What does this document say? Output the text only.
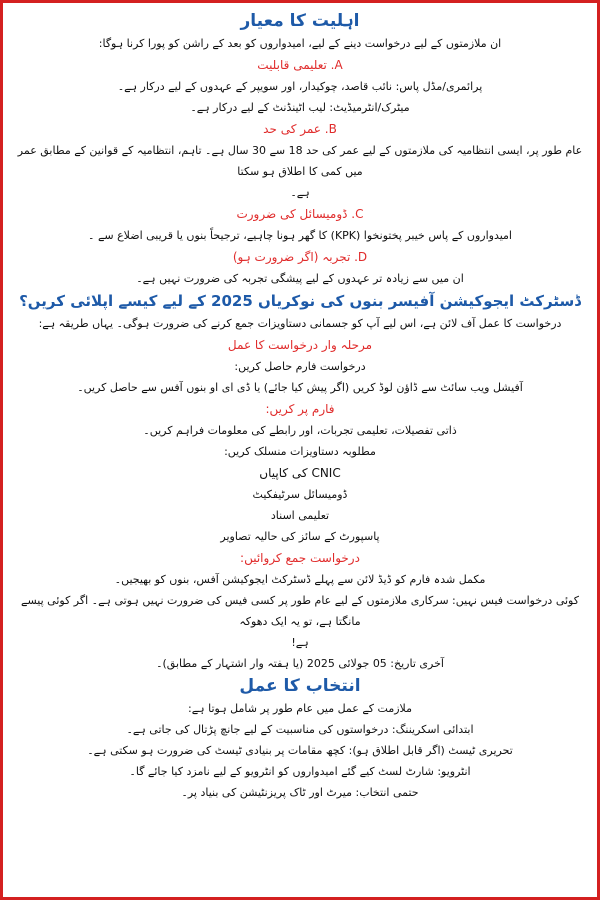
اہلیت کا معیار
ان ملازمتوں کے لیے درخواست دینے کے لیے، امیدواروں کو بعد کے راشن کو پورا کرنا ہوگا:
A. تعلیمی قابلیت
پرائمری/مڈل پاس: نائب قاصد، چوکیدار، اور سویپر کے عہدوں کے لیے درکار ہے۔
میٹرک/انٹرمیڈیٹ: لیب اٹینڈنٹ کے لیے درکار ہے۔
B. عمر کی حد
عام طور پر، ایسی انتظامیہ کی ملازمتوں کے لیے عمر کی حد 18 سے 30 سال ہے۔ تاہم، انتظامیہ کے قوانین کے مطابق عمر میں کمی کا اطلاق ہو سکتا
ہے۔
C. ڈومیسائل کی ضرورت
امیدواروں کے پاس خیبر پختونخوا (KPK) کا گھر ہونا چاہیے، ترجیحاً بنوں یا قریبی اضلاع سے ۔
D. تجربہ (اگر ضرورت ہو)
ان میں سے زیادہ تر عہدوں کے لیے پیشگی تجربہ کی ضرورت نہیں ہے۔
ڈسٹرکٹ ایجوکیشن آفیسر بنوں کی نوکریاں 2025 کے لیے کیسے اپلائی کریں؟
درخواست کا عمل آف لائن ہے، اس لیے آپ کو جسمانی دستاویزات جمع کرنے کی ضرورت ہوگی۔ یہاں طریقہ ہے:
مرحلہ وار درخواست کا عمل
درخواست فارم حاصل کریں:
آفیشل ویب سائٹ سے ڈاؤن لوڈ کریں (اگر پیش کیا جائے) یا ڈی ای او بنوں آفس سے حاصل کریں۔
فارم پر کریں:
ذاتی تفصیلات، تعلیمی تجربات، اور رابطے کی معلومات فراہم کریں۔
مطلوبہ دستاویزات منسلک کریں:
CNIC کی کاپیاں
ڈومیسائل سرٹیفکیٹ
تعلیمی اسناد
پاسپورٹ کے سائز کی حالیہ تصاویر
درخواست جمع کروائیں:
مکمل شدہ فارم کو ڈیڈ لائن سے پہلے ڈسٹرکٹ ایجوکیشن آفس، بنوں کو بھیجیں۔
کوئی درخواست فیس نہیں: سرکاری ملازمتوں کے لیے عام طور پر کسی فیس کی ضرورت نہیں ہوتی ہے۔ اگر کوئی پیسے مانگتا ہے، تو یہ ایک دھوکہ
ہے!
آخری تاریخ: 05 جولائی 2025 (یا ہفتہ وار اشتہار کے مطابق)۔
انتخاب کا عمل
ملازمت کے عمل میں عام طور پر شامل ہوتا ہے:
ابتدائی اسکریننگ: درخواستوں کی مناسبیت کے لیے جانچ پڑتال کی جاتی ہے۔
تحریری ٹیسٹ (اگر قابل اطلاق ہو): کچھ مقامات پر بنیادی ٹیسٹ کی ضرورت ہو سکتی ہے۔
انٹرویو: شارٹ لسٹ کیے گئے امیدواروں کو انٹرویو کے لیے نامزد کیا جائے گا۔
حتمی انتخاب: میرٹ اور ٹاک پریزنٹیشن کی بنیاد پر۔
